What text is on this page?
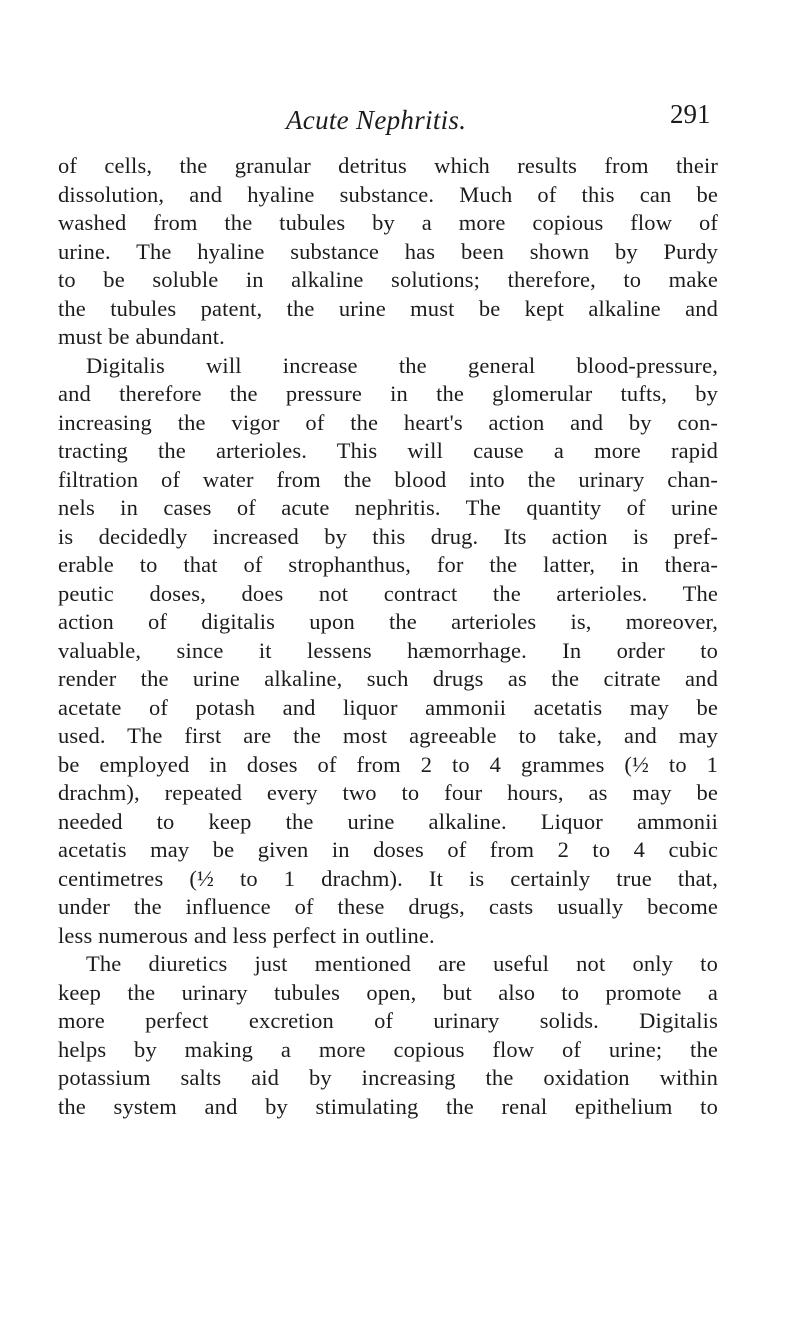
Acute Nephritis.	291
of cells, the granular detritus which results from their
dissolution, and hyaline substance. Much of this can be
washed from the tubules by a more copious flow of
urine. The hyaline substance has been shown by Purdy
to be soluble in alkaline solutions; therefore, to make
the tubules patent, the urine must be kept alkaline and
must be abundant.
Digitalis will increase the general blood-pressure,
and therefore the pressure in the glomerular tufts, by
increasing the vigor of the heart's action and by con-
tracting the arterioles. This will cause a more rapid
filtration of water from the blood into the urinary chan-
nels in cases of acute nephritis. The quantity of urine
is decidedly increased by this drug. Its action is pref-
erable to that of strophanthus, for the latter, in thera-
peutic doses, does not contract the arterioles. The
action of digitalis upon the arterioles is, moreover,
valuable, since it lessens hæmorrhage. In order to
render the urine alkaline, such drugs as the citrate and
acetate of potash and liquor ammonii acetatis may be
used. The first are the most agreeable to take, and may
be employed in doses of from 2 to 4 grammes (½ to 1
drachm), repeated every two to four hours, as may be
needed to keep the urine alkaline. Liquor ammonii
acetatis may be given in doses of from 2 to 4 cubic
centimetres (½ to 1 drachm). It is certainly true that,
under the influence of these drugs, casts usually become
less numerous and less perfect in outline.
The diuretics just mentioned are useful not only to
keep the urinary tubules open, but also to promote a
more perfect excretion of urinary solids. Digitalis
helps by making a more copious flow of urine; the
potassium salts aid by increasing the oxidation within
the system and by stimulating the renal epithelium to
